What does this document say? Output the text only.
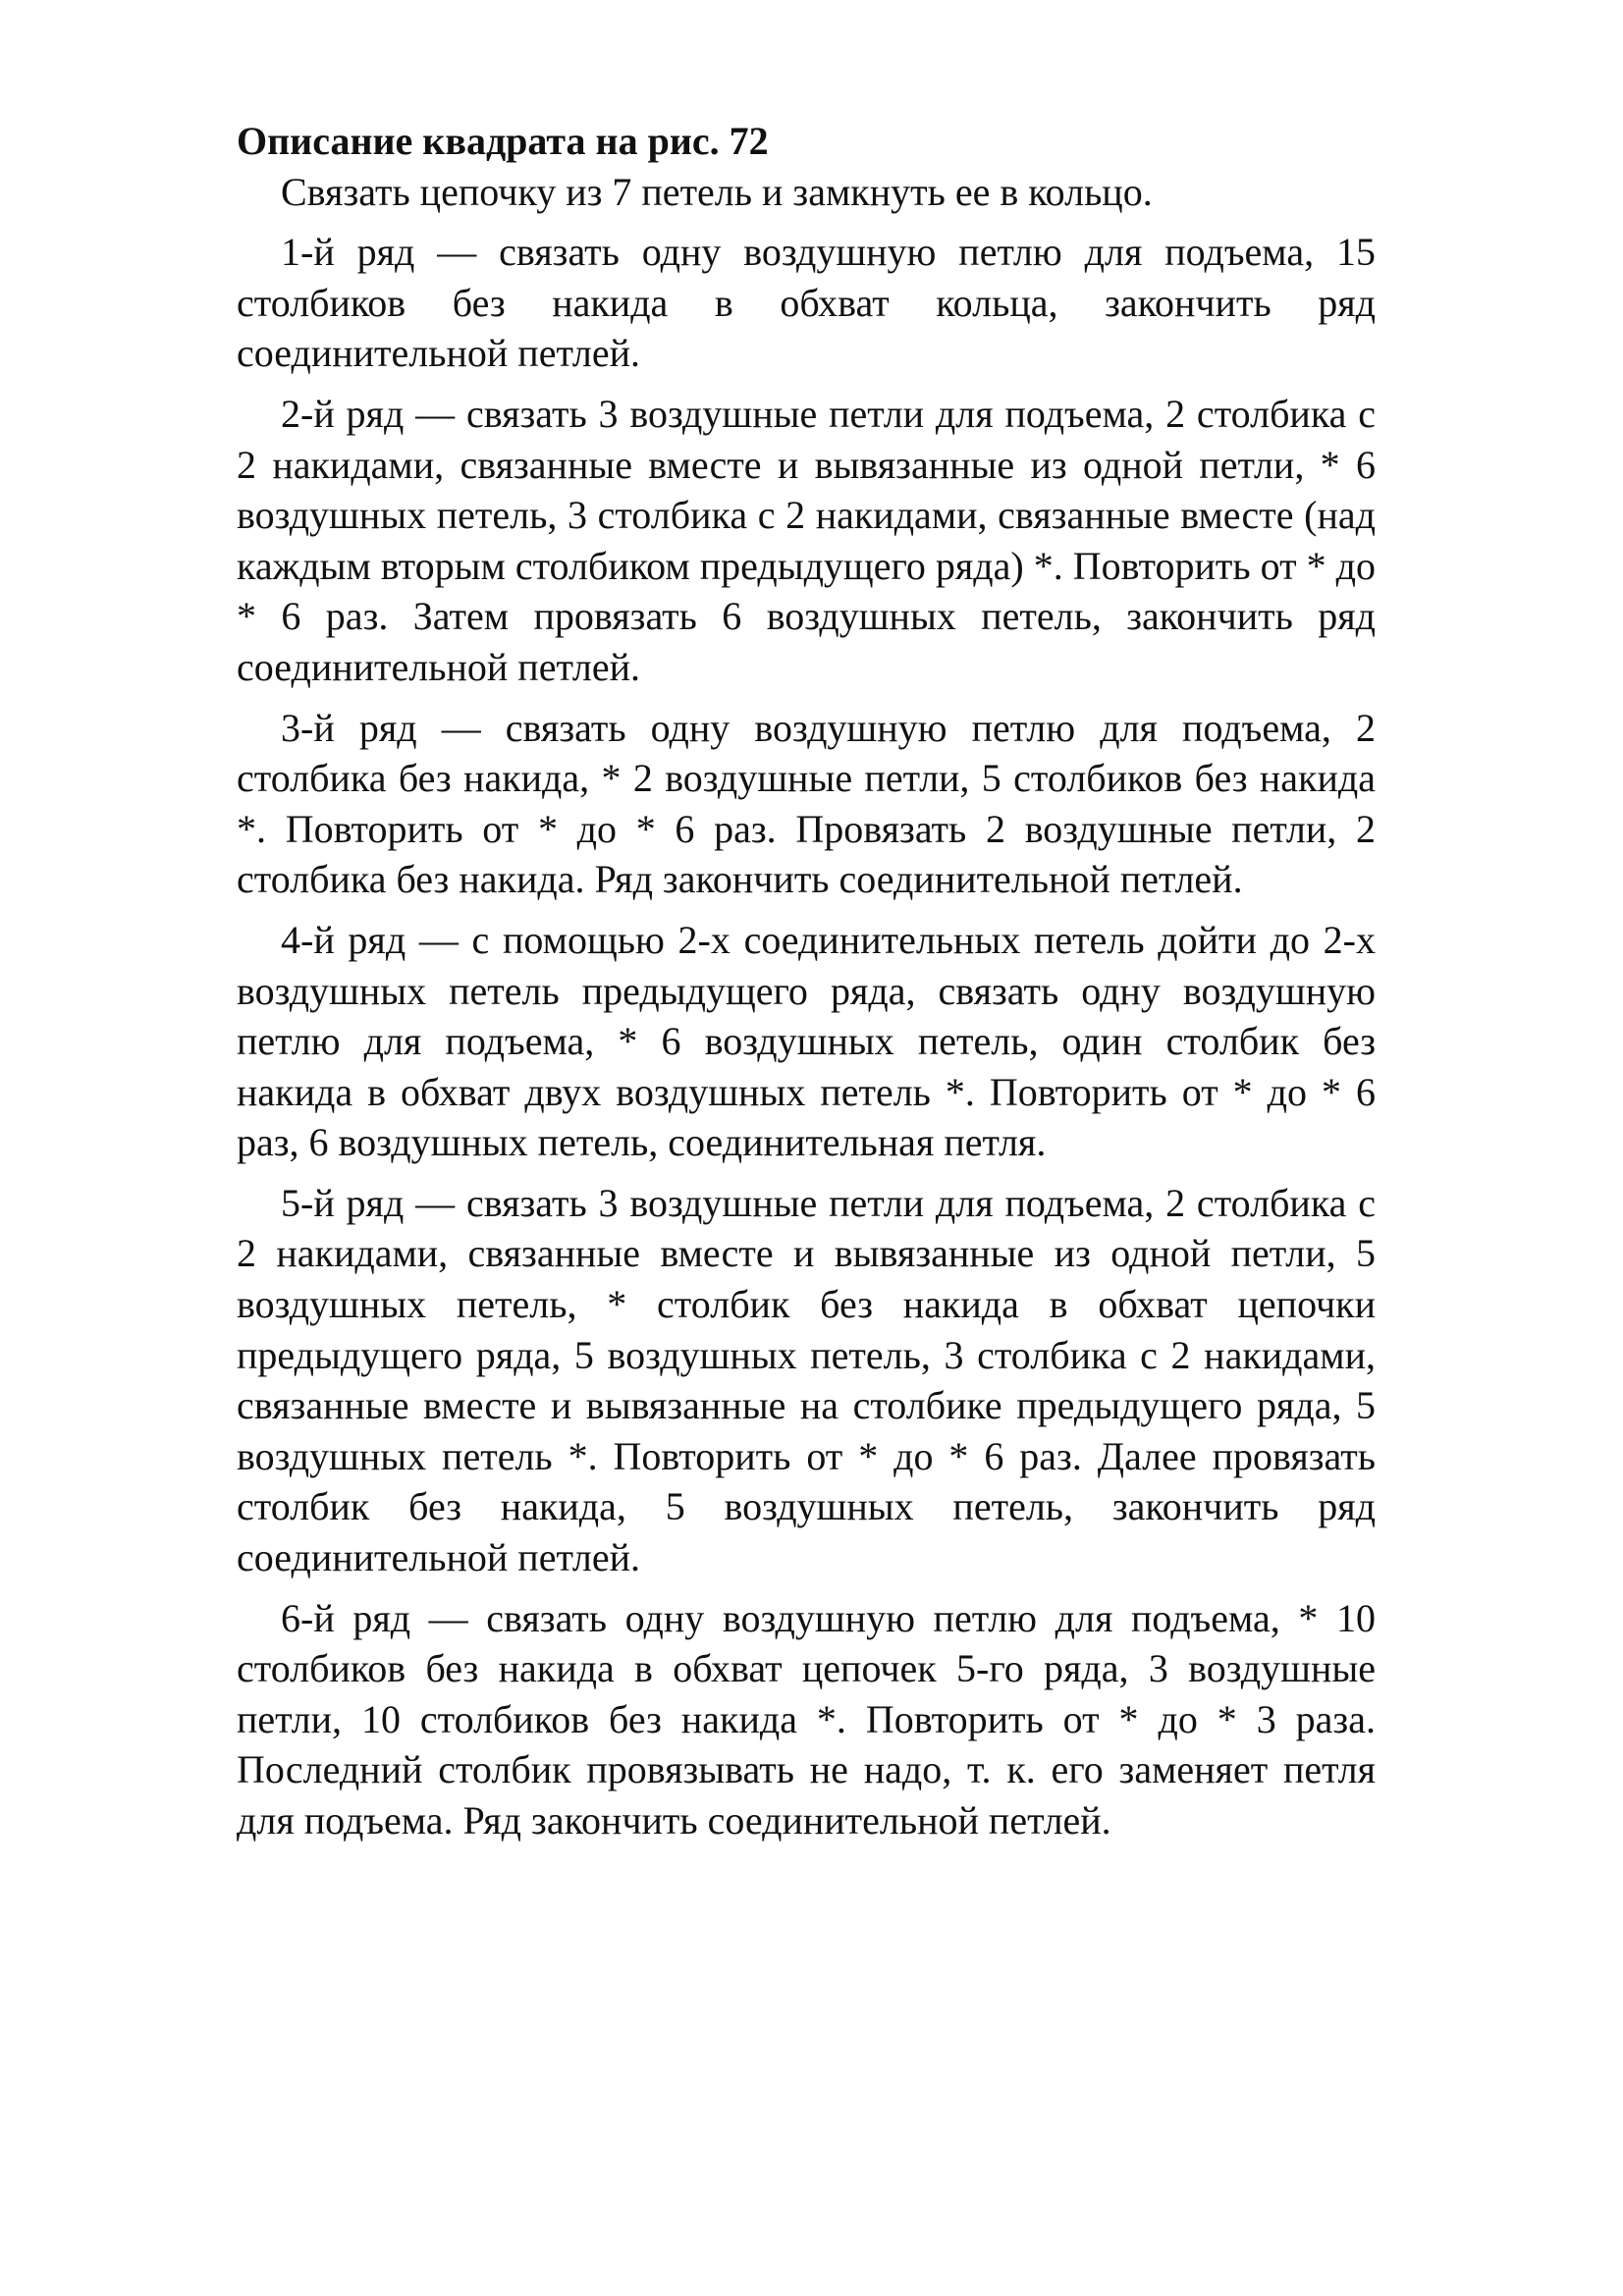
Описание квадрата на рис. 72

Связать цепочку из 7 петель и замкнуть ее в кольцо.

1-й ряд — связать одну воздушную петлю для подъема, 15 столбиков без накида в обхват кольца, закончить ряд соединительной петлей.

2-й ряд — связать 3 воздушные петли для подъема, 2 столбика с 2 накидами, связанные вместе и вывязанные из одной петли, * 6 воздушных петель, 3 столбика с 2 накидами, связанные вместе (над каждым вторым столбиком предыдущего ряда) *. Повторить от * до * 6 раз. Затем провязать 6 воздушных петель, закончить ряд соединительной петлей.

3-й ряд — связать одну воздушную петлю для подъема, 2 столбика без накида, * 2 воздушные петли, 5 столбиков без накида *. Повторить от * до * 6 раз. Провязать 2 воздушные петли, 2 столбика без накида. Ряд закончить соединительной петлей.

4-й ряд — с помощью 2-х соединительных петель дойти до 2-х воздушных петель предыдущего ряда, связать одну воздушную петлю для подъема, * 6 воздушных петель, один столбик без накида в обхват двух воздушных петель *. Повторить от * до * 6 раз, 6 воздушных петель, соединительная петля.

5-й ряд — связать 3 воздушные петли для подъема, 2 столбика с 2 накидами, связанные вместе и вывязанные из одной петли, 5 воздушных петель, * столбик без накида в обхват цепочки предыдущего ряда, 5 воздушных петель, 3 столбика с 2 накидами, связанные вместе и вывязанные на столбике предыдущего ряда, 5 воздушных петель *. Повторить от * до * 6 раз. Далее провязать столбик без накида, 5 воздушных петель, закончить ряд соединительной петлей.

6-й ряд — связать одну воздушную петлю для подъема, * 10 столбиков без накида в обхват цепочек 5-го ряда, 3 воздушные петли, 10 столбиков без накида *. Повторить от * до * 3 раза. Последний столбик провязывать не надо, т. к. его заменяет петля для подъема. Ряд закончить соединительной петлей.
